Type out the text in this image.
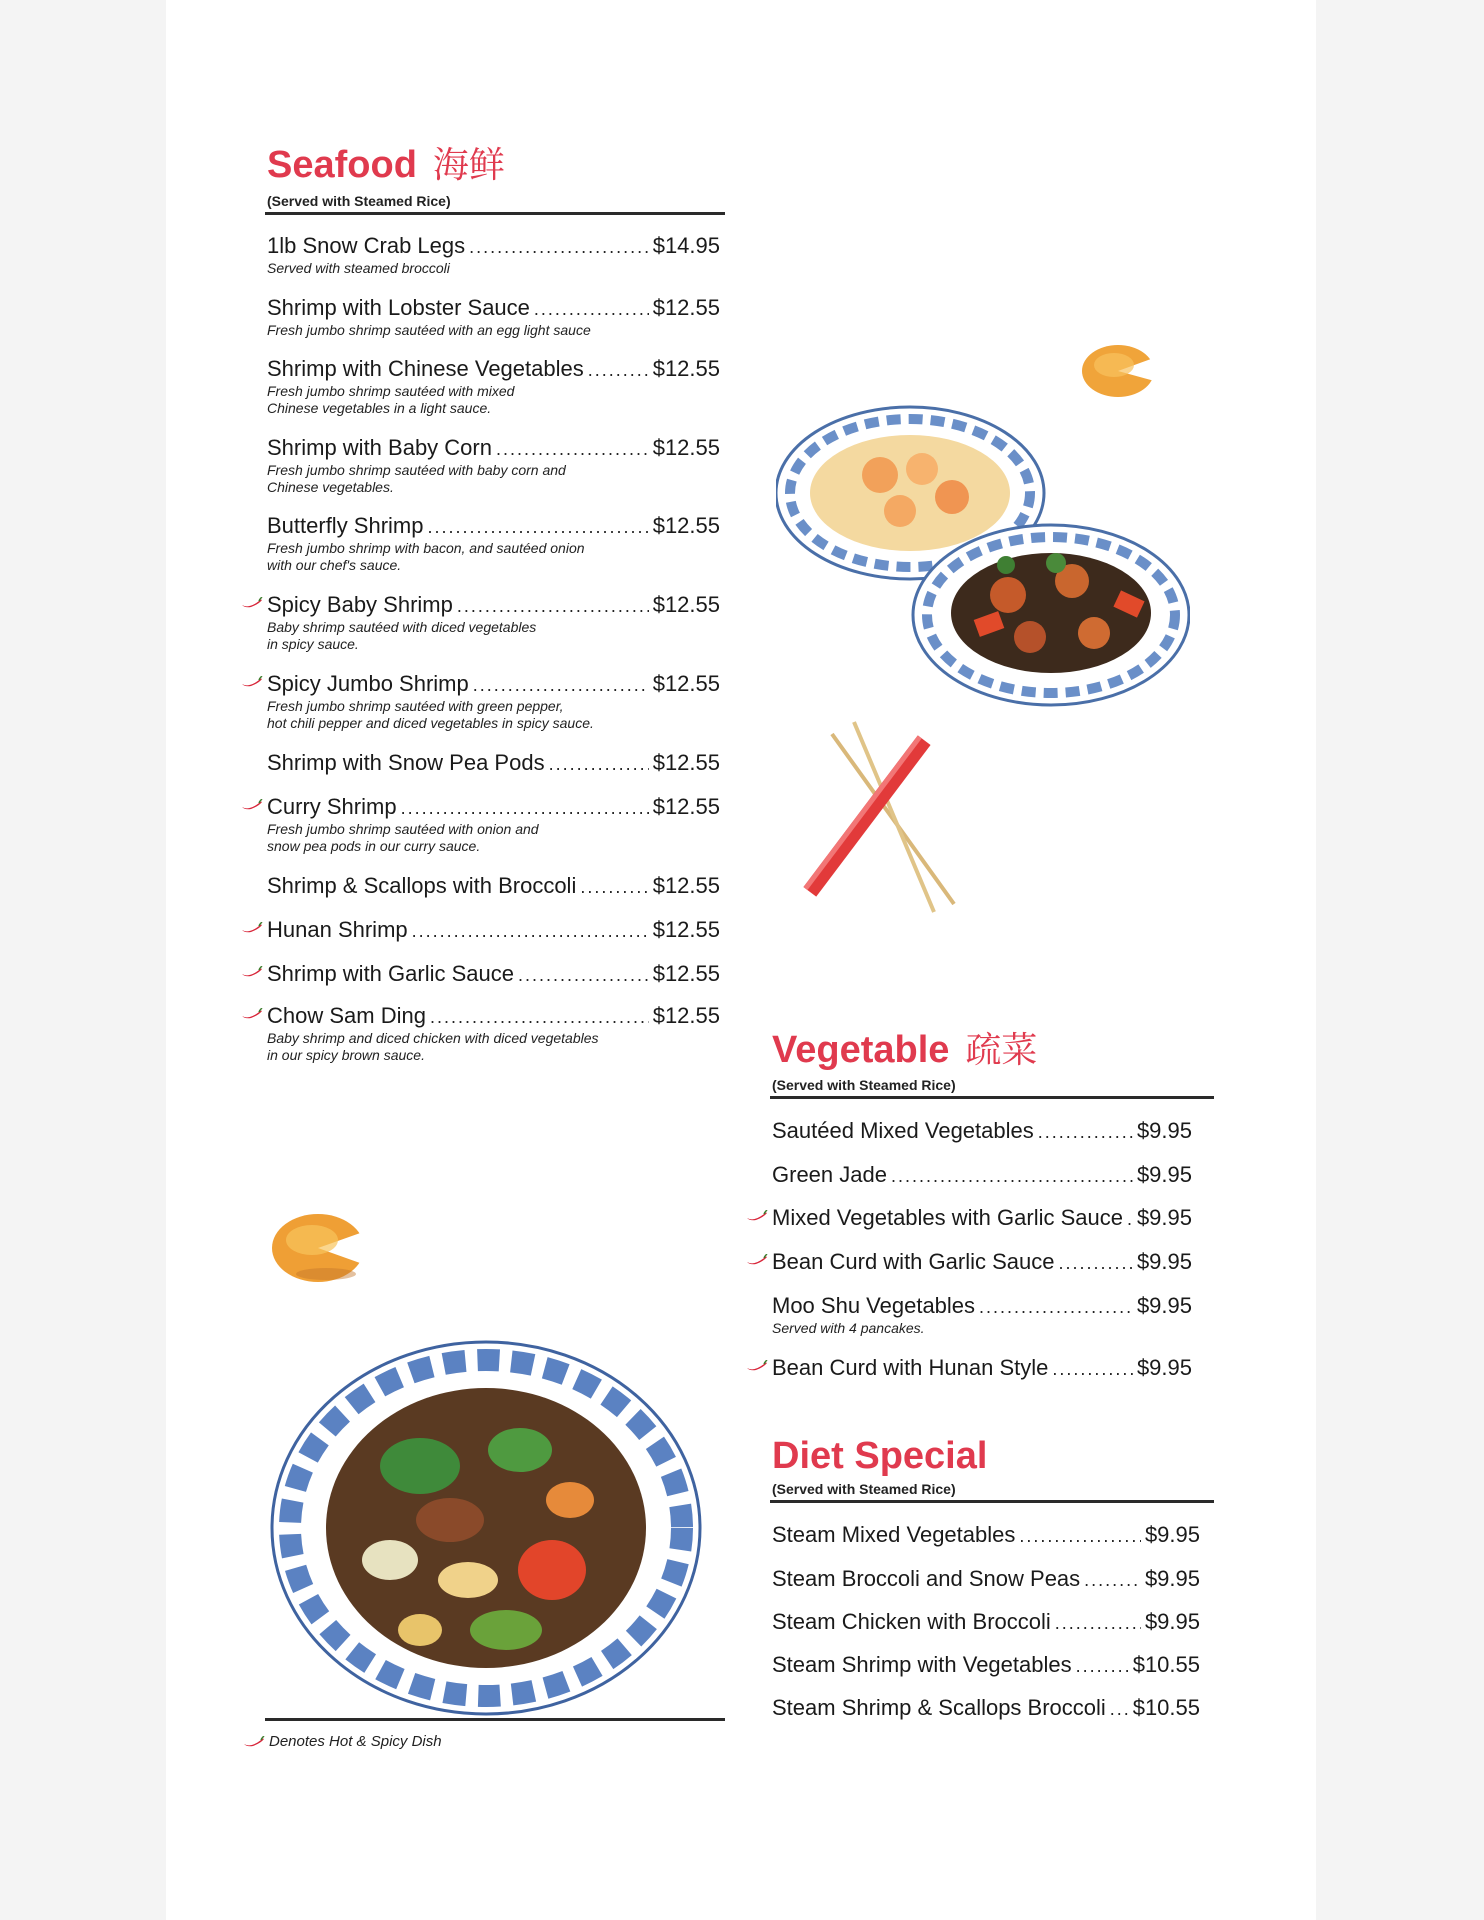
Seafood 海鲜
(Served with Steamed Rice)
1lb Snow Crab Legs .....	$14.95
Served with steamed broccoli
Shrimp with Lobster Sauce .....	$12.55
Fresh jumbo shrimp sautéed with an egg light sauce
Shrimp with Chinese Vegetables .....	$12.55
Fresh jumbo shrimp sautéed with mixed
Chinese vegetables in a light sauce.
Shrimp with Baby Corn .....	$12.55
Fresh jumbo shrimp sautéed with baby corn and
Chinese vegetables.
Butterfly Shrimp .....	$12.55
Fresh jumbo shrimp with bacon, and sautéed onion
with our chef's sauce.
Spicy Baby Shrimp .....	$12.55
Baby shrimp sautéed with diced vegetables
in spicy sauce.
Spicy Jumbo Shrimp .....	$12.55
Fresh jumbo shrimp sautéed with green pepper,
hot chili pepper and diced vegetables in spicy sauce.
Shrimp with Snow Pea Pods .....	$12.55
Curry Shrimp .....	$12.55
Fresh jumbo shrimp sautéed with onion and
snow pea pods in our curry sauce.
Shrimp & Scallops with Broccoli .....	$12.55
Hunan Shrimp .....	$12.55
Shrimp with Garlic Sauce .....	$12.55
Chow Sam Ding .....	$12.55
Baby shrimp and diced chicken with diced vegetables
in our spicy brown sauce.	Vegetable 疏菜
(Served with Steamed Rice)
Sautéed Mixed Vegetables .....	$9.95
Green Jade .....	$9.95
Mixed Vegetables with Garlic Sauce ..... $9.95
Bean Curd with Garlic Sauce .....	$9.95
Moo Shu Vegetables .....	$9.95
Served with 4 pancakes.
Bean Curd with Hunan Style .....	$9.95
Diet Special
(Served with Steamed Rice)
Steam Mixed Vegetables .....	$9.95
Steam Broccoli and Snow Peas .....	$9.95
Steam Chicken with Broccoli .....	$9.95
Steam Shrimp with Vegetables .....	$10.55
Steam Shrimp & Scallops Broccoli ..... $10.55
Denotes Hot & Spicy Dish
